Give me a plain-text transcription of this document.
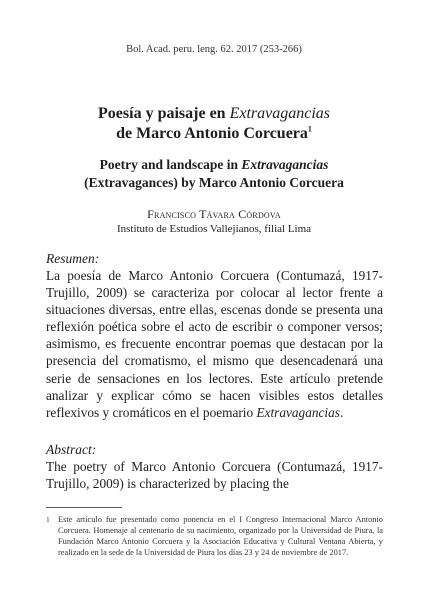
Bol. Acad. peru. leng. 62. 2017 (253-266)

Poesía y paisaje en Extravagancias
de Marco Antonio Corcuera$^1$

Poetry and landscape in Extravagancias
(Extravagances) by Marco Antonio Corcuera

Francisco Távara Córdova
Instituto de Estudios Vallejianos, filial Lima
Resumen:
La poesía de Marco Antonio Corcuera (Contumazá, 1917-Trujillo, 2009) se caracteriza por colocar al lector frente a situaciones diversas, entre ellas, escenas donde se presenta una reflexión poética sobre el acto de escribir o componer versos; asimismo, es frecuente encontrar poemas que destacan por la presencia del cromatismo, el mismo que desencadenará una serie de sensaciones en los lectores. Este artículo pretende analizar y explicar cómo se hacen visibles estos detalles reflexivos y cromáticos en el poemario Extravagancias.
Abstract:
The poetry of Marco Antonio Corcuera (Contumazá, 1917-Trujillo, 2009) is characterized by placing the
1 Este artículo fue presentado como ponencia en el I Congreso Internacional Marco Antonio Corcuera. Homenaje al centenario de su nacimiento, organizado por la Universidad de Piura, la Fundación Marco Antonio Corcuera y la Asociación Educativa y Cultural Ventana Abierta, y realizado en la sede de la Universidad de Piura los días 23 y 24 de noviembre de 2017.
